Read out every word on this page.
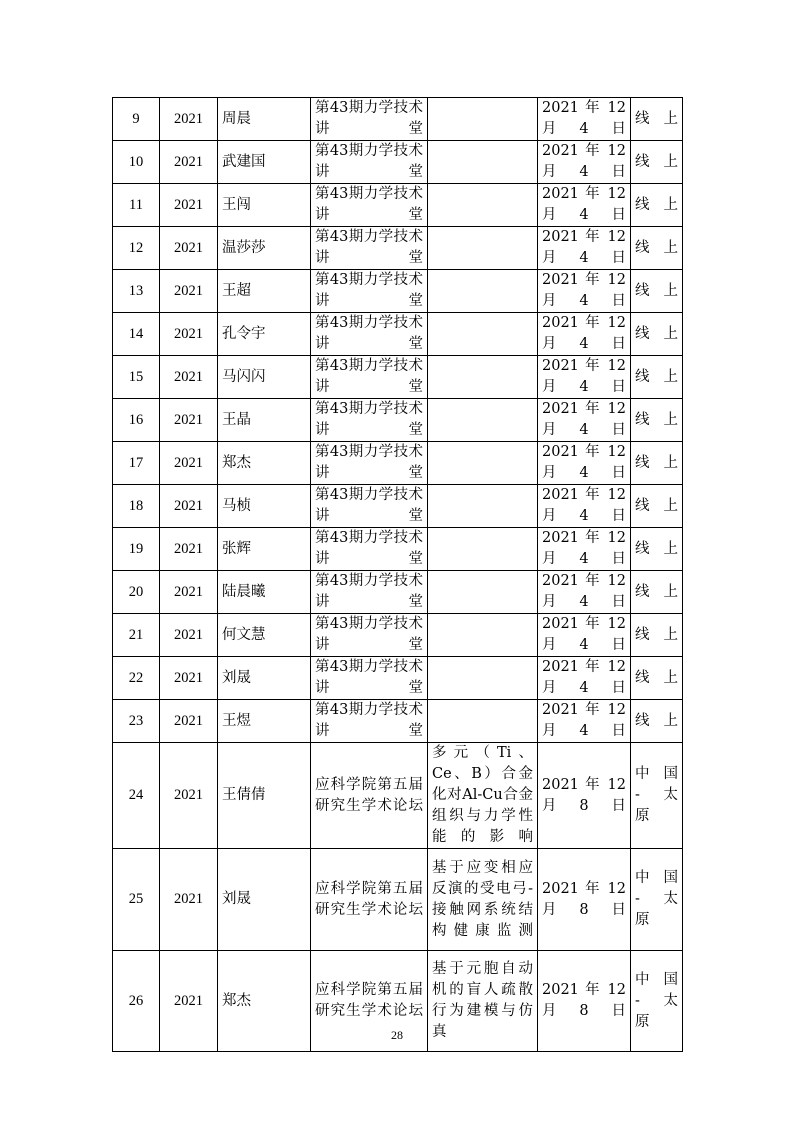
9	2021	周晨	第43期力学技术讲堂		2021 年 12 月4日	线上
10	2021	武建国	第43期力学技术讲堂		2021 年 12 月4日	线上
11	2021	王闯	第43期力学技术讲堂		2021 年 12 月4日	线上
12	2021	温莎莎	第43期力学技术讲堂		2021 年 12 月4日	线上
13	2021	王超	第43期力学技术讲堂		2021 年 12 月4日	线上
14	2021	孔令宇	第43期力学技术讲堂		2021 年 12 月4日	线上
15	2021	马闪闪	第43期力学技术讲堂		2021 年 12 月4日	线上
16	2021	王晶	第43期力学技术讲堂		2021 年 12 月4日	线上
17	2021	郑杰	第43期力学技术讲堂		2021 年 12 月4日	线上
18	2021	马桢	第43期力学技术讲堂		2021 年 12 月4日	线上
19	2021	张辉	第43期力学技术讲堂		2021 年 12 月4日	线上
20	2021	陆晨曦	第43期力学技术讲堂		2021 年 12 月4日	线上
21	2021	何文慧	第43期力学技术讲堂		2021 年 12 月4日	线上
22	2021	刘晟	第43期力学技术讲堂		2021 年 12 月4日	线上
23	2021	王煜	第43期力学技术讲堂		2021 年 12 月4日	线上
24	2021	王倩倩	应科学院第五届研究生学术论坛	多元（Ti、Ce、B）合金化对Al-Cu合金组织与力学性能的影响	2021 年 12 月8日	中 国 - 太 原
25	2021	刘晟	应科学院第五届研究生学术论坛	基于应变相应反演的受电弓-接触网系统结构健康监测	2021 年 12 月8日	中 国 - 太 原
26	2021	郑杰	应科学院第五届研究生学术论坛	基于元胞自动机的盲人疏散行为建模与仿真	2021 年 12 月8日	中 国 - 太 原
28
